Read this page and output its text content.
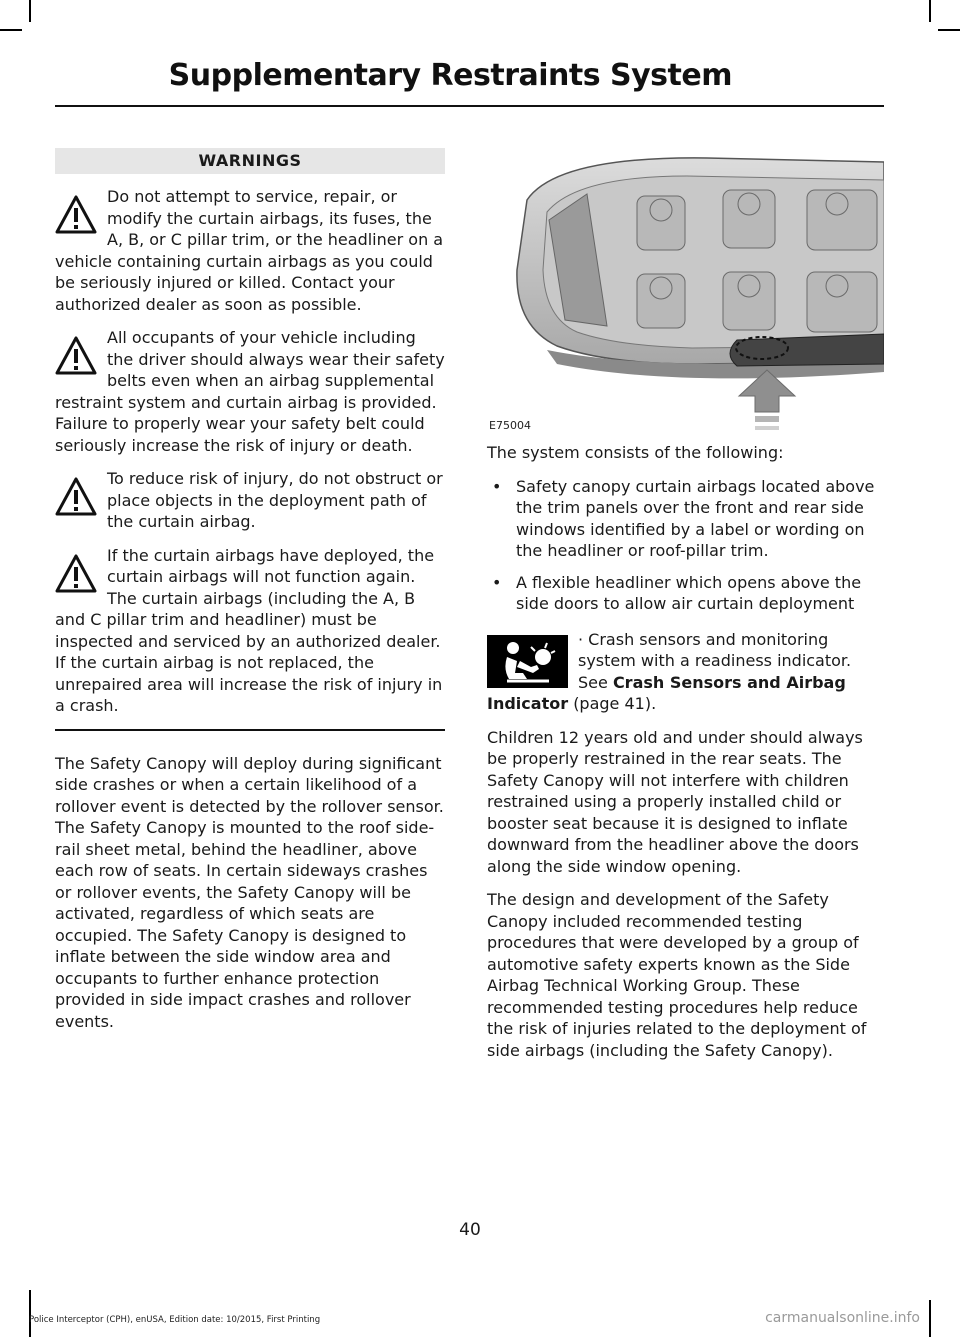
Supplementary Restraints System
WARNINGS
Do not attempt to service, repair, or modify the curtain airbags, its fuses, the A, B, or C pillar trim, or the headliner on a vehicle containing curtain airbags as you could be seriously injured or killed. Contact your authorized dealer as soon as possible.
All occupants of your vehicle including the driver should always wear their safety belts even when an airbag supplemental restraint system and curtain airbag is provided. Failure to properly wear your safety belt could seriously increase the risk of injury or death.
To reduce risk of injury, do not obstruct or place objects in the deployment path of the curtain airbag.
If the curtain airbags have deployed, the curtain airbags will not function again. The curtain airbags (including the A, B and C pillar trim and headliner) must be inspected and serviced by an authorized dealer. If the curtain airbag is not replaced, the unrepaired area will increase the risk of injury in a crash.

The Safety Canopy will deploy during significant side crashes or when a certain likelihood of a rollover event is detected by the rollover sensor. The Safety Canopy is mounted to the roof side-rail sheet metal, behind the headliner, above each row of seats. In certain sideways crashes or rollover events, the Safety Canopy will be activated, regardless of which seats are occupied. The Safety Canopy is designed to inflate between the side window area and occupants to further enhance protection provided in side impact crashes and rollover events.

E75004

The system consists of the following:

• Safety canopy curtain airbags located above the trim panels over the front and rear side windows identified by a label or wording on the headliner or roof-pillar trim.
• A flexible headliner which opens above the side doors to allow air curtain deployment
· Crash sensors and monitoring system with a readiness indicator. See Crash Sensors and Airbag Indicator (page 41).

Children 12 years old and under should always be properly restrained in the rear seats. The Safety Canopy will not interfere with children restrained using a properly installed child or booster seat because it is designed to inflate downward from the headliner above the doors along the side window opening.

The design and development of the Safety Canopy included recommended testing procedures that were developed by a group of automotive safety experts known as the Side Airbag Technical Working Group. These recommended testing procedures help reduce the risk of injuries related to the deployment of side airbags (including the Safety Canopy).

40
Police Interceptor (CPH), enUSA, Edition date: 10/2015, First Printing	carmanualsonline.info
